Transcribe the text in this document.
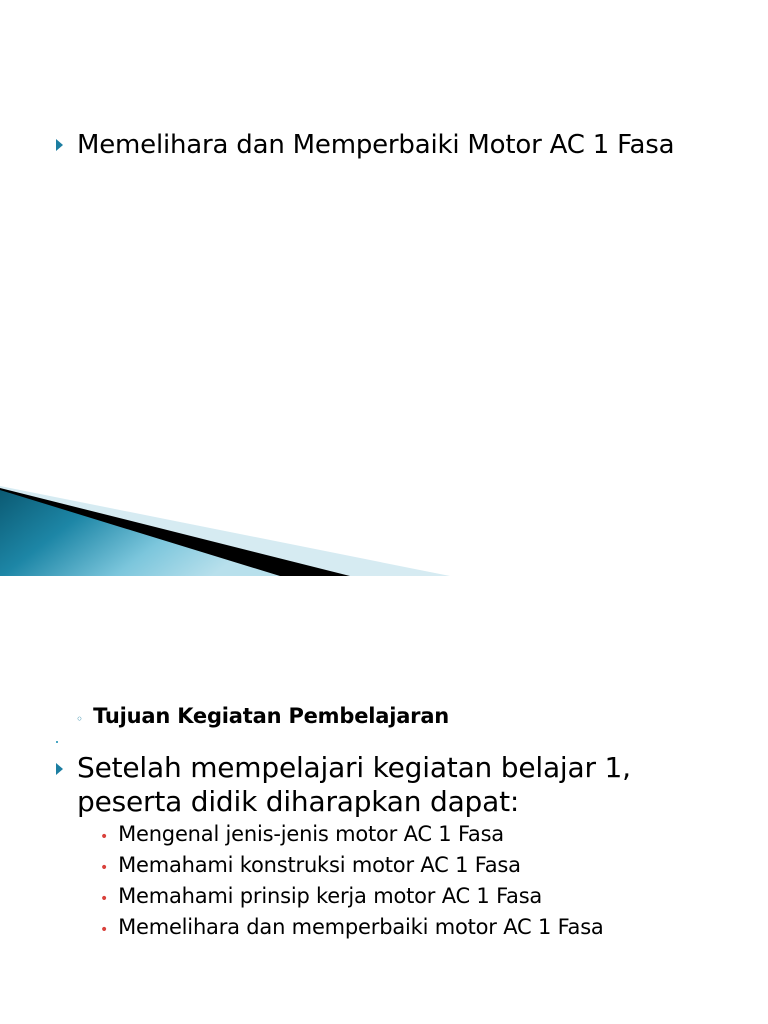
Memelihara dan Memperbaiki Motor AC 1 Fasa
◦ Tujuan Kegiatan Pembelajaran
Setelah mempelajari kegiatan belajar 1, peserta didik diharapkan dapat:
• Mengenal jenis-jenis motor AC 1 Fasa
• Memahami konstruksi motor AC 1 Fasa
• Memahami prinsip kerja motor AC 1 Fasa
• Memelihara dan memperbaiki motor AC 1 Fasa
